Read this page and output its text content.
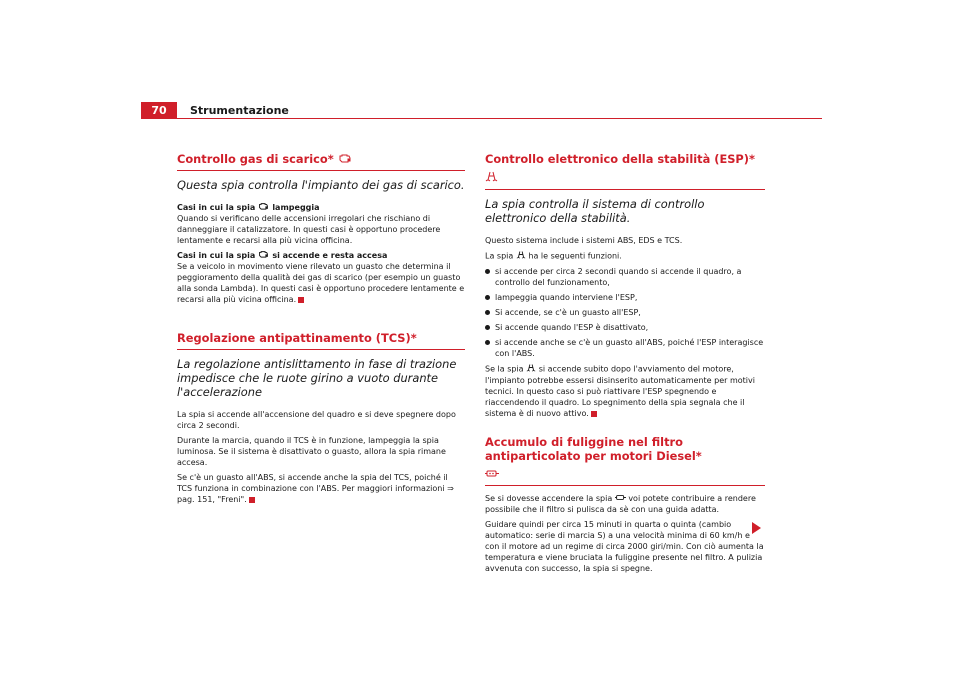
70	Strumentazione
Controllo gas di scarico*
Questa spia controlla l'impianto dei gas di scarico.
Casi in cui la spia lampeggia

Quando si verificano delle accensioni irregolari che rischiano di danneggiare il catalizzatore. In questi casi è opportuno procedere lentamente e recarsi alla più vicina officina.

Casi in cui la spia si accende e resta accesa

Se a veicolo in movimento viene rilevato un guasto che determina il peggioramento della qualità dei gas di scarico (per esempio un guasto alla sonda Lambda). In questi casi è opportuno procedere lentamente e recarsi alla più vicina officina.

Regolazione antipattinamento (TCS)*
La regolazione antislittamento in fase di trazione impedisce che le ruote girino a vuoto durante l'accelerazione

La spia si accende all'accensione del quadro e si deve spegnere dopo circa 2 secondi.

Durante la marcia, quando il TCS è in funzione, lampeggia la spia luminosa. Se il sistema è disattivato o guasto, allora la spia rimane accesa.

Se c'è un guasto all'ABS, si accende anche la spia del TCS, poiché il TCS funziona in combinazione con l'ABS. Per maggiori informazioni ⇒ pag. 151, "Freni".

Controllo elettronico della stabilità (ESP)*
La spia controlla il sistema di controllo elettronico della stabilità.

Questo sistema include i sistemi ABS, EDS e TCS.

La spia ha le seguenti funzioni.

si accende per circa 2 secondi quando si accende il quadro, a controllo del funzionamento,
lampeggia quando interviene l'ESP,
Si accende, se c'è un guasto all'ESP,
Si accende quando l'ESP è disattivato,
si accende anche se c'è un guasto all'ABS, poiché l'ESP interagisce con l'ABS.

Se la spia si accende subito dopo l'avviamento del motore, l'impianto potrebbe essersi disinserito automaticamente per motivi tecnici. In questo caso si può riattivare l'ESP spegnendo e riaccendendo il quadro. Lo spegnimento della spia segnala che il sistema è di nuovo attivo.

Accumulo di fuliggine nel filtro antiparticolato per motori Diesel*

Se si dovesse accendere la spia voi potete contribuire a rendere possibile che il filtro si pulisca da sè con una guida adatta.

Guidare quindi per circa 15 minuti in quarta o quinta (cambio automatico: serie di marcia S) a una velocità minima di 60 km/h e con il motore ad un regime di circa 2000 giri/min. Con ciò aumenta la temperatura e viene bruciata la fuliggine presente nel filtro. A pulizia avvenuta con successo, la spia si spegne.
